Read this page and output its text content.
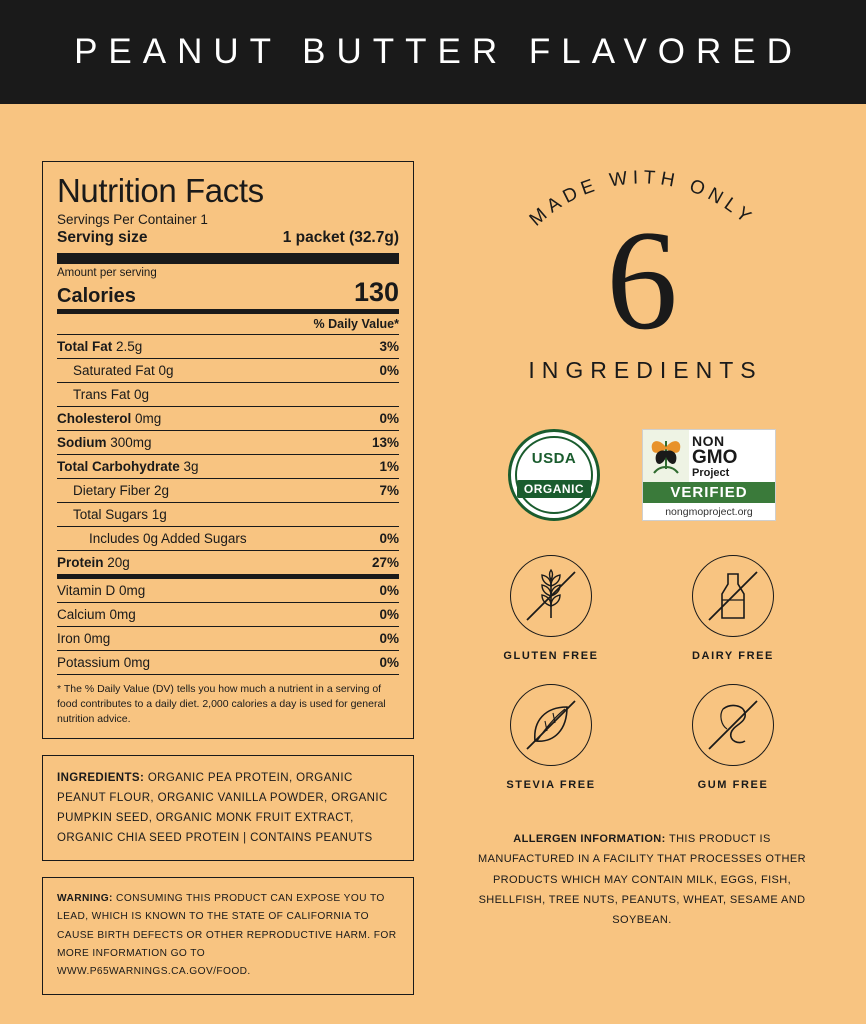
PEANUT BUTTER FLAVORED
Nutrition Facts
Servings Per Container 1
Serving size	1 packet (32.7g)
Amount per serving
Calories	130
% Daily Value*
Total Fat 2.5g	3%
Saturated Fat 0g	0%
Trans Fat 0g
Cholesterol 0mg	0%
Sodium 300mg	13%
Total Carbohydrate 3g	1%
Dietary Fiber 2g	7%
Total Sugars 1g
Includes 0g Added Sugars	0%
Protein 20g	27%
Vitamin D 0mg	0%
Calcium 0mg	0%
Iron 0mg	0%
Potassium 0mg	0%
* The % Daily Value (DV) tells you how much a nutrient in a serving of food contributes to a daily diet. 2,000 calories a day is used for general nutrition advice.
INGREDIENTS: ORGANIC PEA PROTEIN, ORGANIC PEANUT FLOUR, ORGANIC VANILLA POWDER, ORGANIC PUMPKIN SEED, ORGANIC MONK FRUIT EXTRACT, ORGANIC CHIA SEED PROTEIN | CONTAINS PEANUTS
WARNING: CONSUMING THIS PRODUCT CAN EXPOSE YOU TO LEAD, WHICH IS KNOWN TO THE STATE OF CALIFORNIA TO CAUSE BIRTH DEFECTS OR OTHER REPRODUCTIVE HARM. FOR MORE INFORMATION GO TO WWW.P65WARNINGS.CA.GOV/FOOD.
MADE WITH ONLY
6
INGREDIENTS
USDA
ORGANIC
NON
GMO
Project
VERIFIED
nongmoproject.org
GLUTEN FREE	DAIRY FREE
STEVIA FREE	GUM FREE
ALLERGEN INFORMATION: THIS PRODUCT IS MANUFACTURED IN A FACILITY THAT PROCESSES OTHER PRODUCTS WHICH MAY CONTAIN MILK, EGGS, FISH, SHELLFISH, TREE NUTS, PEANUTS, WHEAT, SESAME AND SOYBEAN.
